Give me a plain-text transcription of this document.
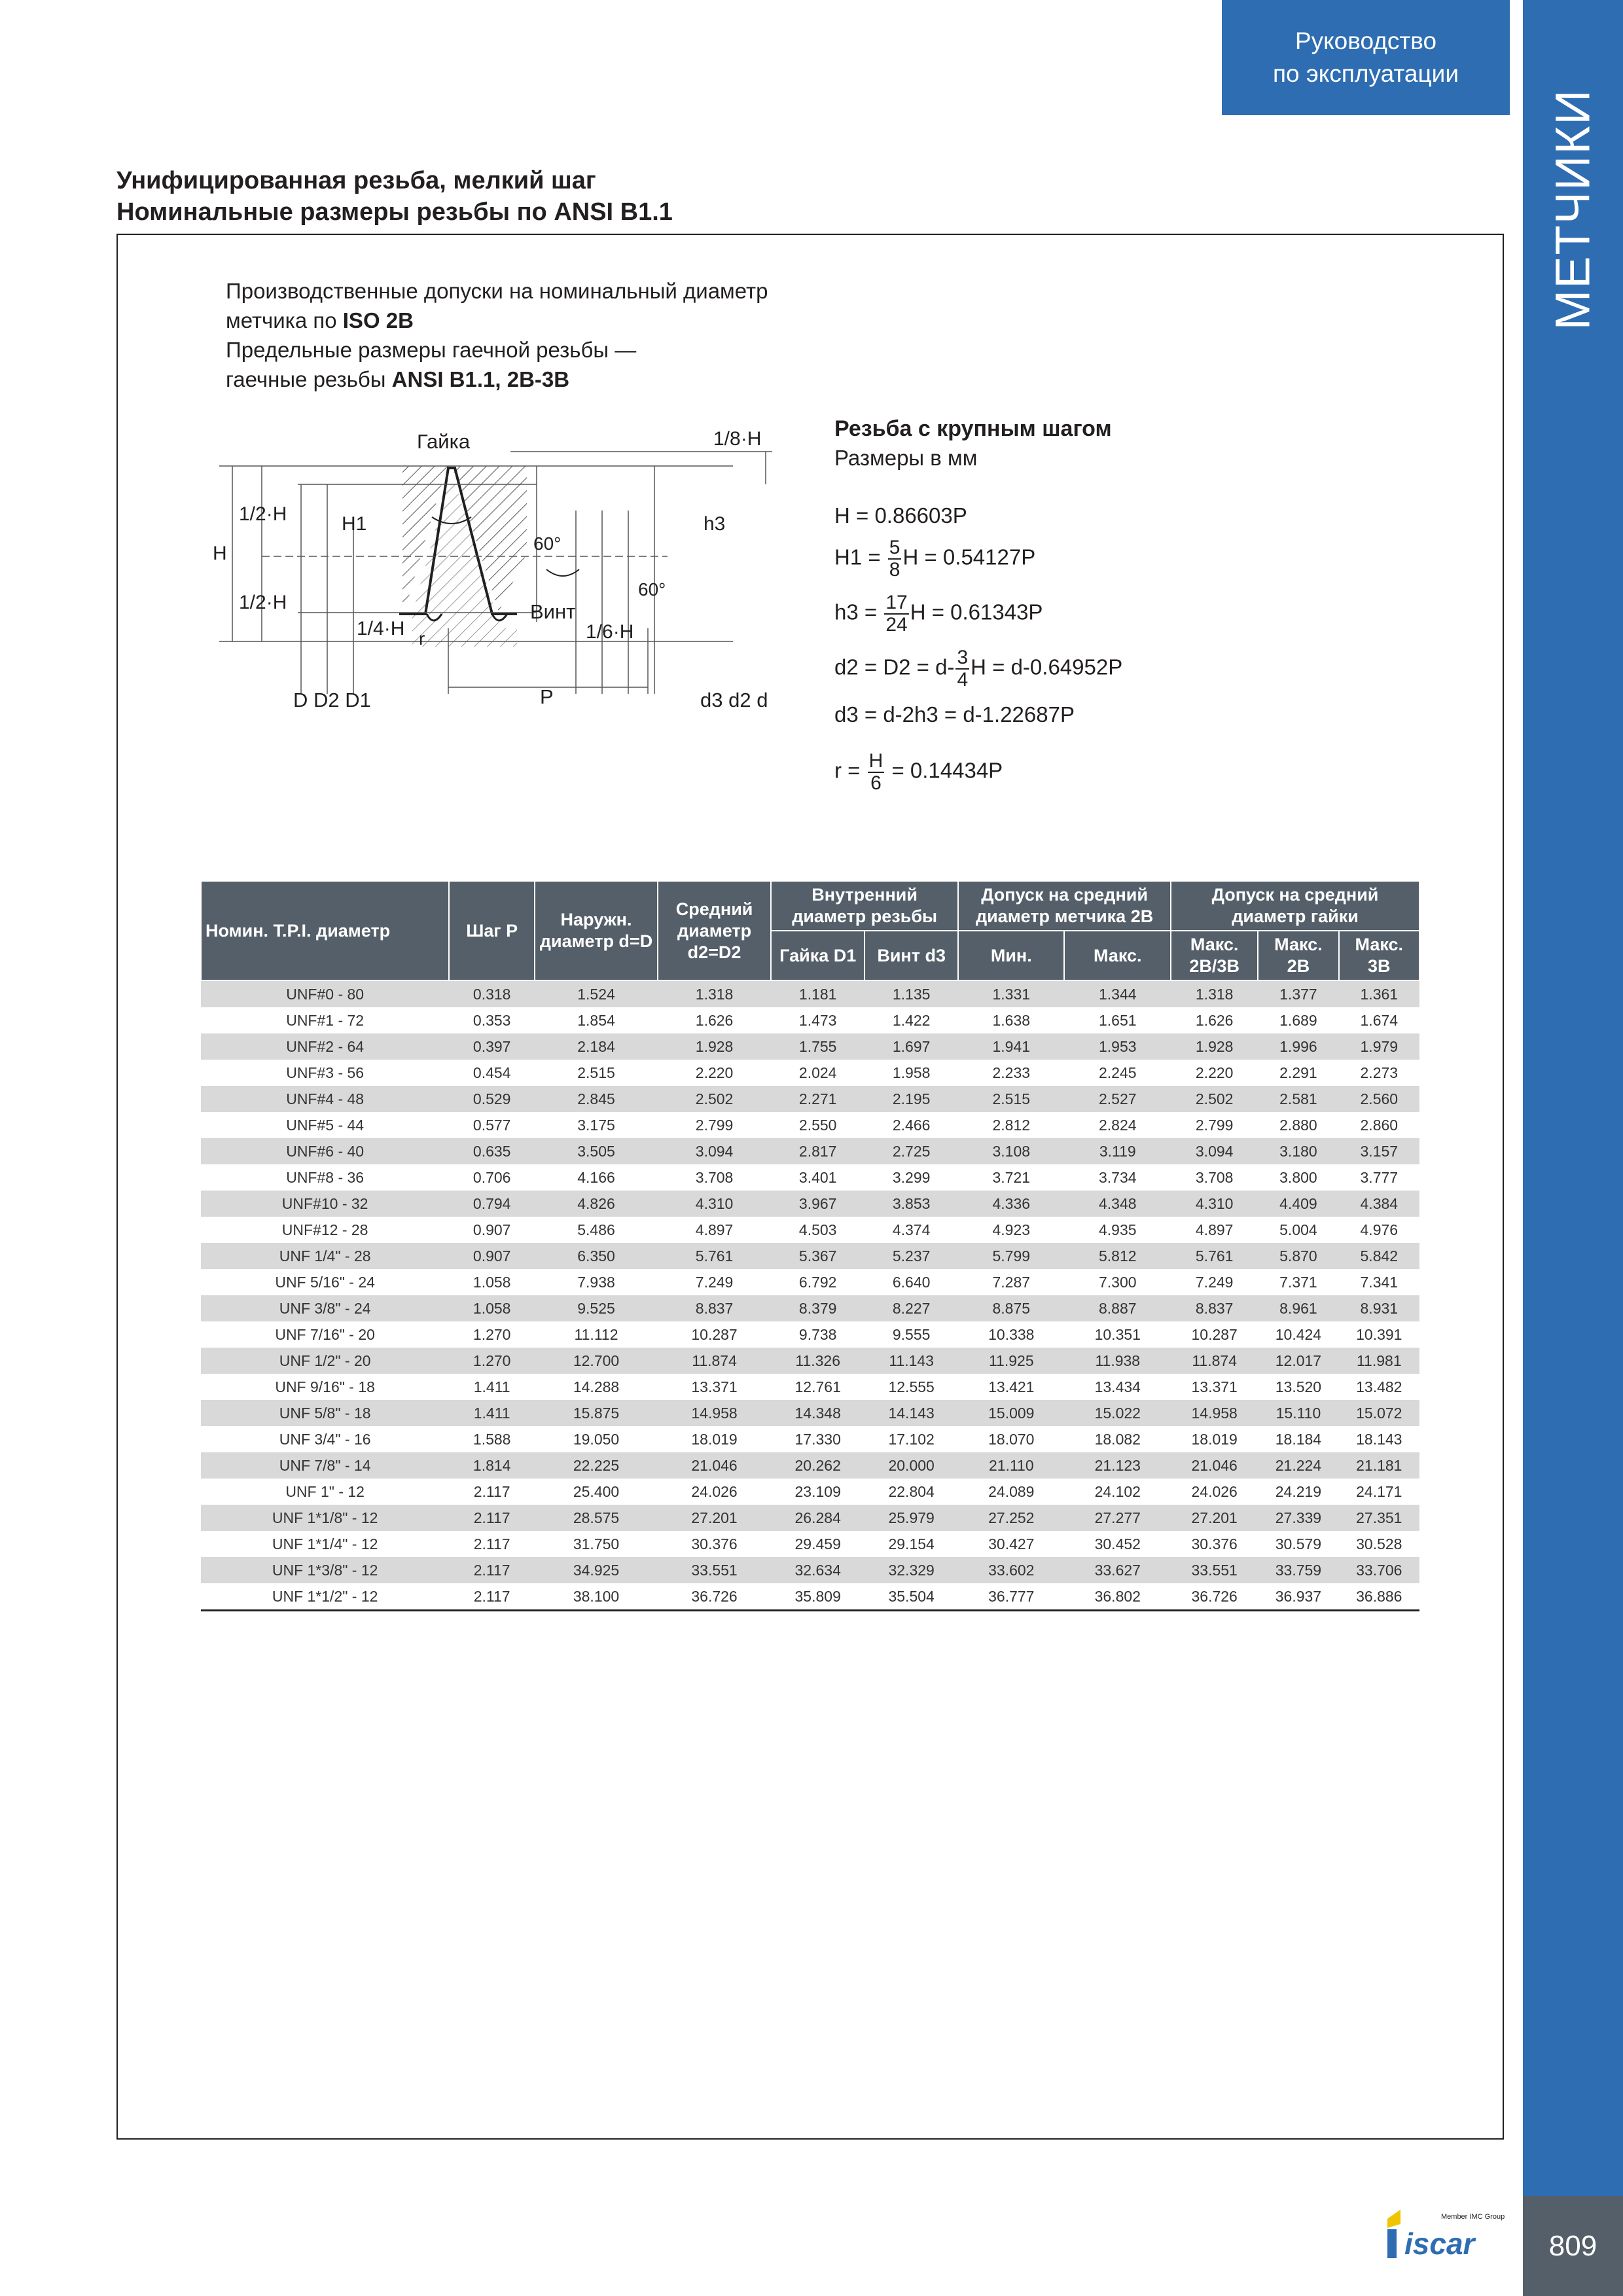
Руководство
по эксплуатации
МЕТЧИКИ
809
Унифицированная резьба, мелкий шаг
Номинальные размеры резьбы по ANSI B1.1
Производственные допуски на номинальный диаметр
метчика по ISO 2B
Предельные размеры гаечной резьбы —
гаечные резьбы ANSI B1.1, 2B-3B
Гайка	1/8·H
1/2·H	H1	h3
H	60°
60°
1/2·H	Винт
1/4·H	1/6·H
r
P
D D2 D1	d3 d2 d
Резьба с крупным шагом
Размеры в мм
H = 0.86603P
$H1 = \frac{5}{8}$ H = 0.54127P
$h3 = \frac{17}{24}$ H = 0.61343P
$d2 = D2 = d- \frac{3}{4}$ H = d-0.64952P
d3 = d-2h3 = d-1.22687P
$r = \frac{H}{6} = 0.14434P$
Номин. T.P.I. диаметр	Шаг P	Наружн. диаметр d=D	Средний диаметр d2=D2	Внутренний диаметр резьбы		Допуск на средний диаметр метчика 2B		Допуск на средний диаметр гайки		
				Гайка D1	Винт d3	Мин.	Макс.	Макс. 2B/3B	Макс. 2B	Макс. 3B
UNF#0 - 80	0.318	1.524	1.318	1.181	1.135	1.331	1.344	1.318	1.377	1.361
UNF#1 - 72	0.353	1.854	1.626	1.473	1.422	1.638	1.651	1.626	1.689	1.674
UNF#2 - 64	0.397	2.184	1.928	1.755	1.697	1.941	1.953	1.928	1.996	1.979
UNF#3 - 56	0.454	2.515	2.220	2.024	1.958	2.233	2.245	2.220	2.291	2.273
UNF#4 - 48	0.529	2.845	2.502	2.271	2.195	2.515	2.527	2.502	2.581	2.560
UNF#5 - 44	0.577	3.175	2.799	2.550	2.466	2.812	2.824	2.799	2.880	2.860
UNF#6 - 40	0.635	3.505	3.094	2.817	2.725	3.108	3.119	3.094	3.180	3.157
UNF#8 - 36	0.706	4.166	3.708	3.401	3.299	3.721	3.734	3.708	3.800	3.777
UNF#10 - 32	0.794	4.826	4.310	3.967	3.853	4.336	4.348	4.310	4.409	4.384
UNF#12 - 28	0.907	5.486	4.897	4.503	4.374	4.923	4.935	4.897	5.004	4.976
UNF 1/4" - 28	0.907	6.350	5.761	5.367	5.237	5.799	5.812	5.761	5.870	5.842
UNF 5/16" - 24	1.058	7.938	7.249	6.792	6.640	7.287	7.300	7.249	7.371	7.341
UNF 3/8" - 24	1.058	9.525	8.837	8.379	8.227	8.875	8.887	8.837	8.961	8.931
UNF 7/16" - 20	1.270	11.112	10.287	9.738	9.555	10.338	10.351	10.287	10.424	10.391
UNF 1/2" - 20	1.270	12.700	11.874	11.326	11.143	11.925	11.938	11.874	12.017	11.981
UNF 9/16" - 18	1.411	14.288	13.371	12.761	12.555	13.421	13.434	13.371	13.520	13.482
UNF 5/8" - 18	1.411	15.875	14.958	14.348	14.143	15.009	15.022	14.958	15.110	15.072
UNF 3/4" - 16	1.588	19.050	18.019	17.330	17.102	18.070	18.082	18.019	18.184	18.143
UNF 7/8" - 14	1.814	22.225	21.046	20.262	20.000	21.110	21.123	21.046	21.224	21.181
UNF 1" - 12	2.117	25.400	24.026	23.109	22.804	24.089	24.102	24.026	24.219	24.171
UNF 1*1/8" - 12	2.117	28.575	27.201	26.284	25.979	27.252	27.277	27.201	27.339	27.351
UNF 1*1/4" - 12	2.117	31.750	30.376	29.459	29.154	30.427	30.452	30.376	30.579	30.528
UNF 1*3/8" - 12	2.117	34.925	33.551	32.634	32.329	33.602	33.627	33.551	33.759	33.706
UNF 1*1/2" - 12	2.117	38.100	36.726	35.809	35.504	36.777	36.802	36.726	36.937	36.886
iscar
Member IMC Group
